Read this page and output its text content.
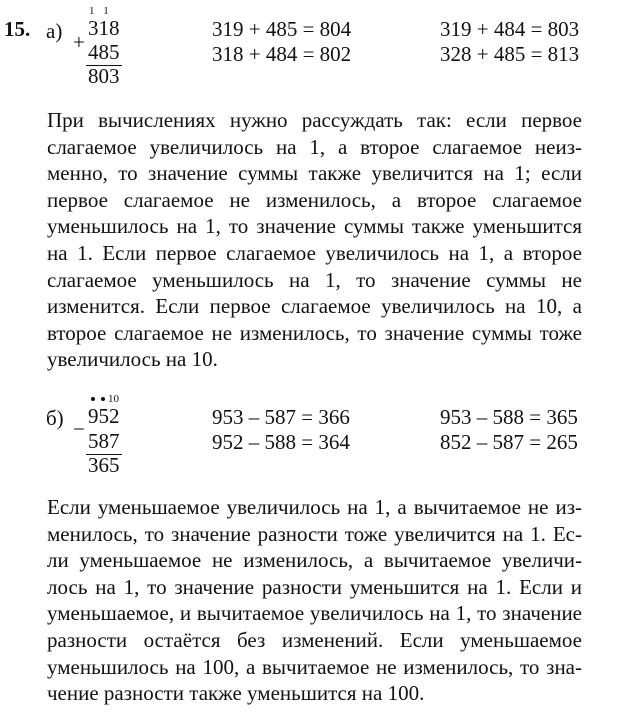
15. а)
1 1
318
+ 485
803
319 + 485 = 804
318 + 484 = 802
319 + 484 = 803
328 + 485 = 813

При вычислениях нужно рассуждать так: если первое слагаемое увеличилось на 1, а второе слагаемое неизменно, то значение суммы также увеличится на 1; если первое слагаемое не изменилось, а второе слагаемое уменьшилось на 1, то значение суммы также уменьшится на 1. Если первое слагаемое увеличилось на 1, а второе слагаемое уменьшилось на 1, то значение суммы не изменится. Если первое слагаемое увеличилось на 10, а второе слагаемое не изменилось, то значение суммы тоже увеличилось на 10.

б)
10
952
− 587
365
953 – 587 = 366
952 – 588 = 364
953 – 588 = 365
852 – 587 = 265

Если уменьшаемое увеличилось на 1, а вычитаемое не изменилось, то значение разности тоже увеличится на 1. Если уменьшаемое не изменилось, а вычитаемое увеличилось на 1, то значение разности уменьшится на 1. Если и уменьшаемое, и вычитаемое увеличилось на 1, то значение разности остаётся без изменений. Если уменьшаемое уменьшилось на 100, а вычитаемое не изменилось, то значение разности также уменьшится на 100.
